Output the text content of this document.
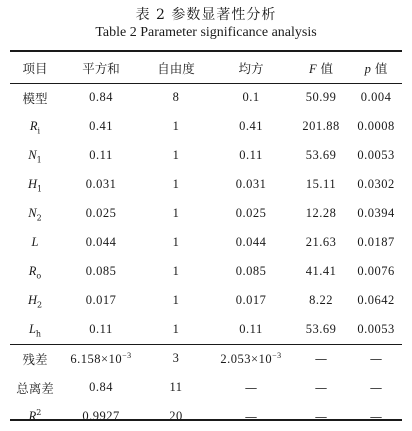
表 2 参数显著性分析
Table 2 Parameter significance analysis
项目	平方和	自由度	均方	F 值	p 值
模型	0.84	8	0.1	50.99	0.004
$R_i$	0.41	1	0.41	201.88	0.0008
$N_1$	0.11	1	0.11	53.69	0.0053
$H_1$	0.031	1	0.031	15.11	0.0302
$N_2$	0.025	1	0.025	12.28	0.0394
L	0.044	1	0.044	21.63	0.0187
$R_o$	0.085	1	0.085	41.41	0.0076
$H_2$	0.017	1	0.017	8.22	0.0642
$L_h$	0.11	1	0.11	53.69	0.0053
残差	$6.158\times 10^{-3}$	3	$2.053\times 10^{-3}$	—	—
总离差	0.84	11	—	—	—
$R^2$	0.9927	20	—	—	—
